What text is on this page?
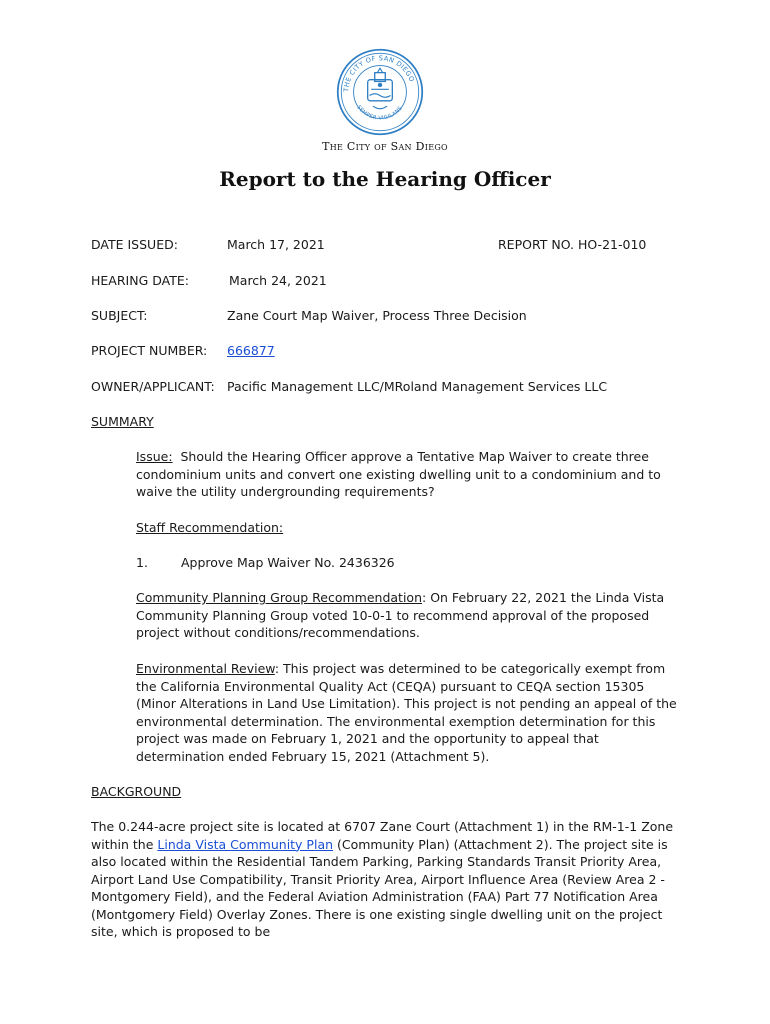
THE CITY OF SAN DIEGO
SEMPER VIGILANS
The City of San Diego
Report to the Hearing Officer
DATE ISSUED:	March 17, 2021	REPORT NO. HO-21-010
HEARING DATE:	March 24, 2021
SUBJECT:	Zane Court Map Waiver, Process Three Decision
PROJECT NUMBER: 666877
OWNER/APPLICANT: Pacific Management LLC/MRoland Management Services LLC
SUMMARY
Issue: Should the Hearing Officer approve a Tentative Map Waiver to create three condominium units and convert one existing dwelling unit to a condominium and to waive the utility undergrounding requirements?
Staff Recommendation:
1.	Approve Map Waiver No. 2436326
Community Planning Group Recommendation: On February 22, 2021 the Linda Vista Community Planning Group voted 10-0-1 to recommend approval of the proposed project without conditions/recommendations.
Environmental Review: This project was determined to be categorically exempt from the California Environmental Quality Act (CEQA) pursuant to CEQA section 15305 (Minor Alterations in Land Use Limitation). This project is not pending an appeal of the environmental determination. The environmental exemption determination for this project was made on February 1, 2021 and the opportunity to appeal that determination ended February 15, 2021 (Attachment 5).
BACKGROUND
The 0.244-acre project site is located at 6707 Zane Court (Attachment 1) in the RM-1-1 Zone within the Linda Vista Community Plan (Community Plan) (Attachment 2). The project site is also located within the Residential Tandem Parking, Parking Standards Transit Priority Area, Airport Land Use Compatibility, Transit Priority Area, Airport Influence Area (Review Area 2 - Montgomery Field), and the Federal Aviation Administration (FAA) Part 77 Notification Area (Montgomery Field) Overlay Zones. There is one existing single dwelling unit on the project site, which is proposed to be
